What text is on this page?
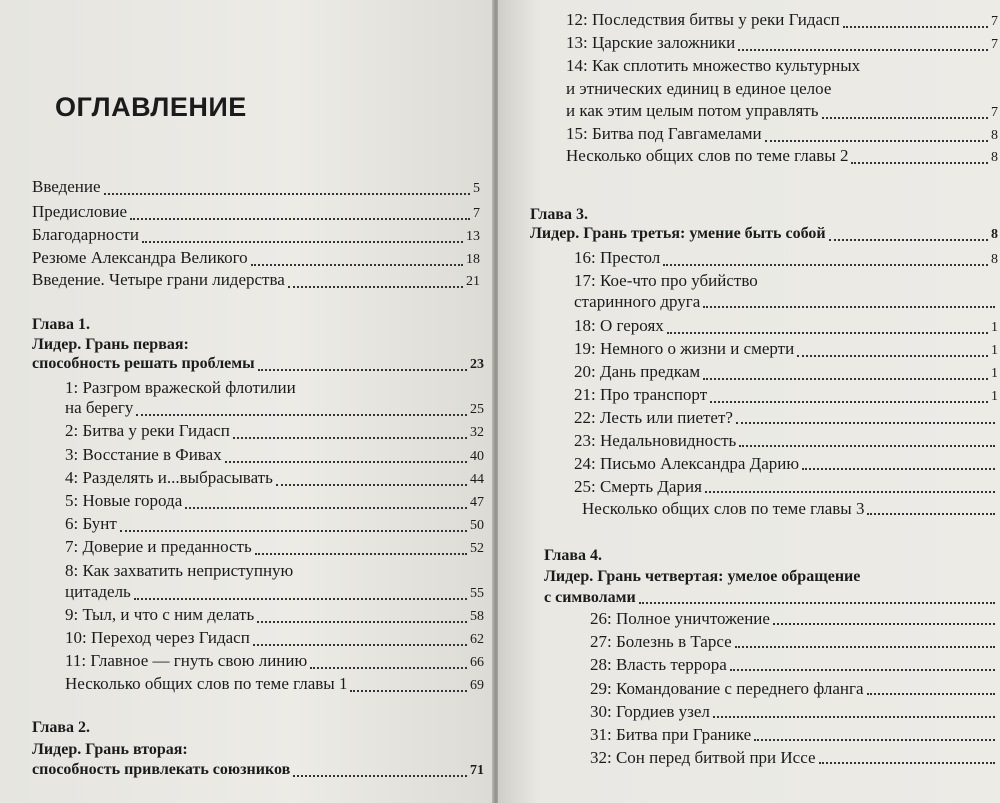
ОГЛАВЛЕНИЕ
Введение	5
Предисловие	7
Благодарности	13
Резюме Александра Великого	18
Введение. Четыре грани лидерства	21
Глава 1.
Лидер. Грань первая:
способность решать проблемы	23
1: Разгром вражеской флотилии
на берегу	25
2: Битва у реки Гидасп	32
3: Восстание в Фивах	40
4: Разделять и...выбрасывать	44
5: Новые города	47
6: Бунт	50
7: Доверие и преданность	52
8: Как захватить неприступную
цитадель	55
9: Тыл, и что с ним делать	58
10: Переход через Гидасп	62
11: Главное — гнуть свою линию	66
Несколько общих слов по теме главы 1	69
Глава 2.
Лидер. Грань вторая:
способность привлекать союзников	71
12: Последствия битвы у реки Гидасп	7
13: Царские заложники	7
14: Как сплотить множество культурных
и этнических единиц в единое целое
и как этим целым потом управлять	7
15: Битва под Гавгамелами	8
Несколько общих слов по теме главы 2	8
Глава 3.
Лидер. Грань третья: умение быть собой	8
16: Престол	8
17: Кое-что про убийство
старинного друга
18: О героях	1
19: Немного о жизни и смерти	1
20: Дань предкам	1
21: Про транспорт	1
22: Лесть или пиетет?
23: Недальновидность
24: Письмо Александра Дарию
25: Смерть Дария
Несколько общих слов по теме главы 3
Глава 4.
Лидер. Грань четвертая: умелое обращение
с символами
26: Полное уничтожение
27: Болезнь в Тарсе
28: Власть террора
29: Командование с переднего фланга
30: Гордиев узел
31: Битва при Гранике
32: Сон перед битвой при Иссе
